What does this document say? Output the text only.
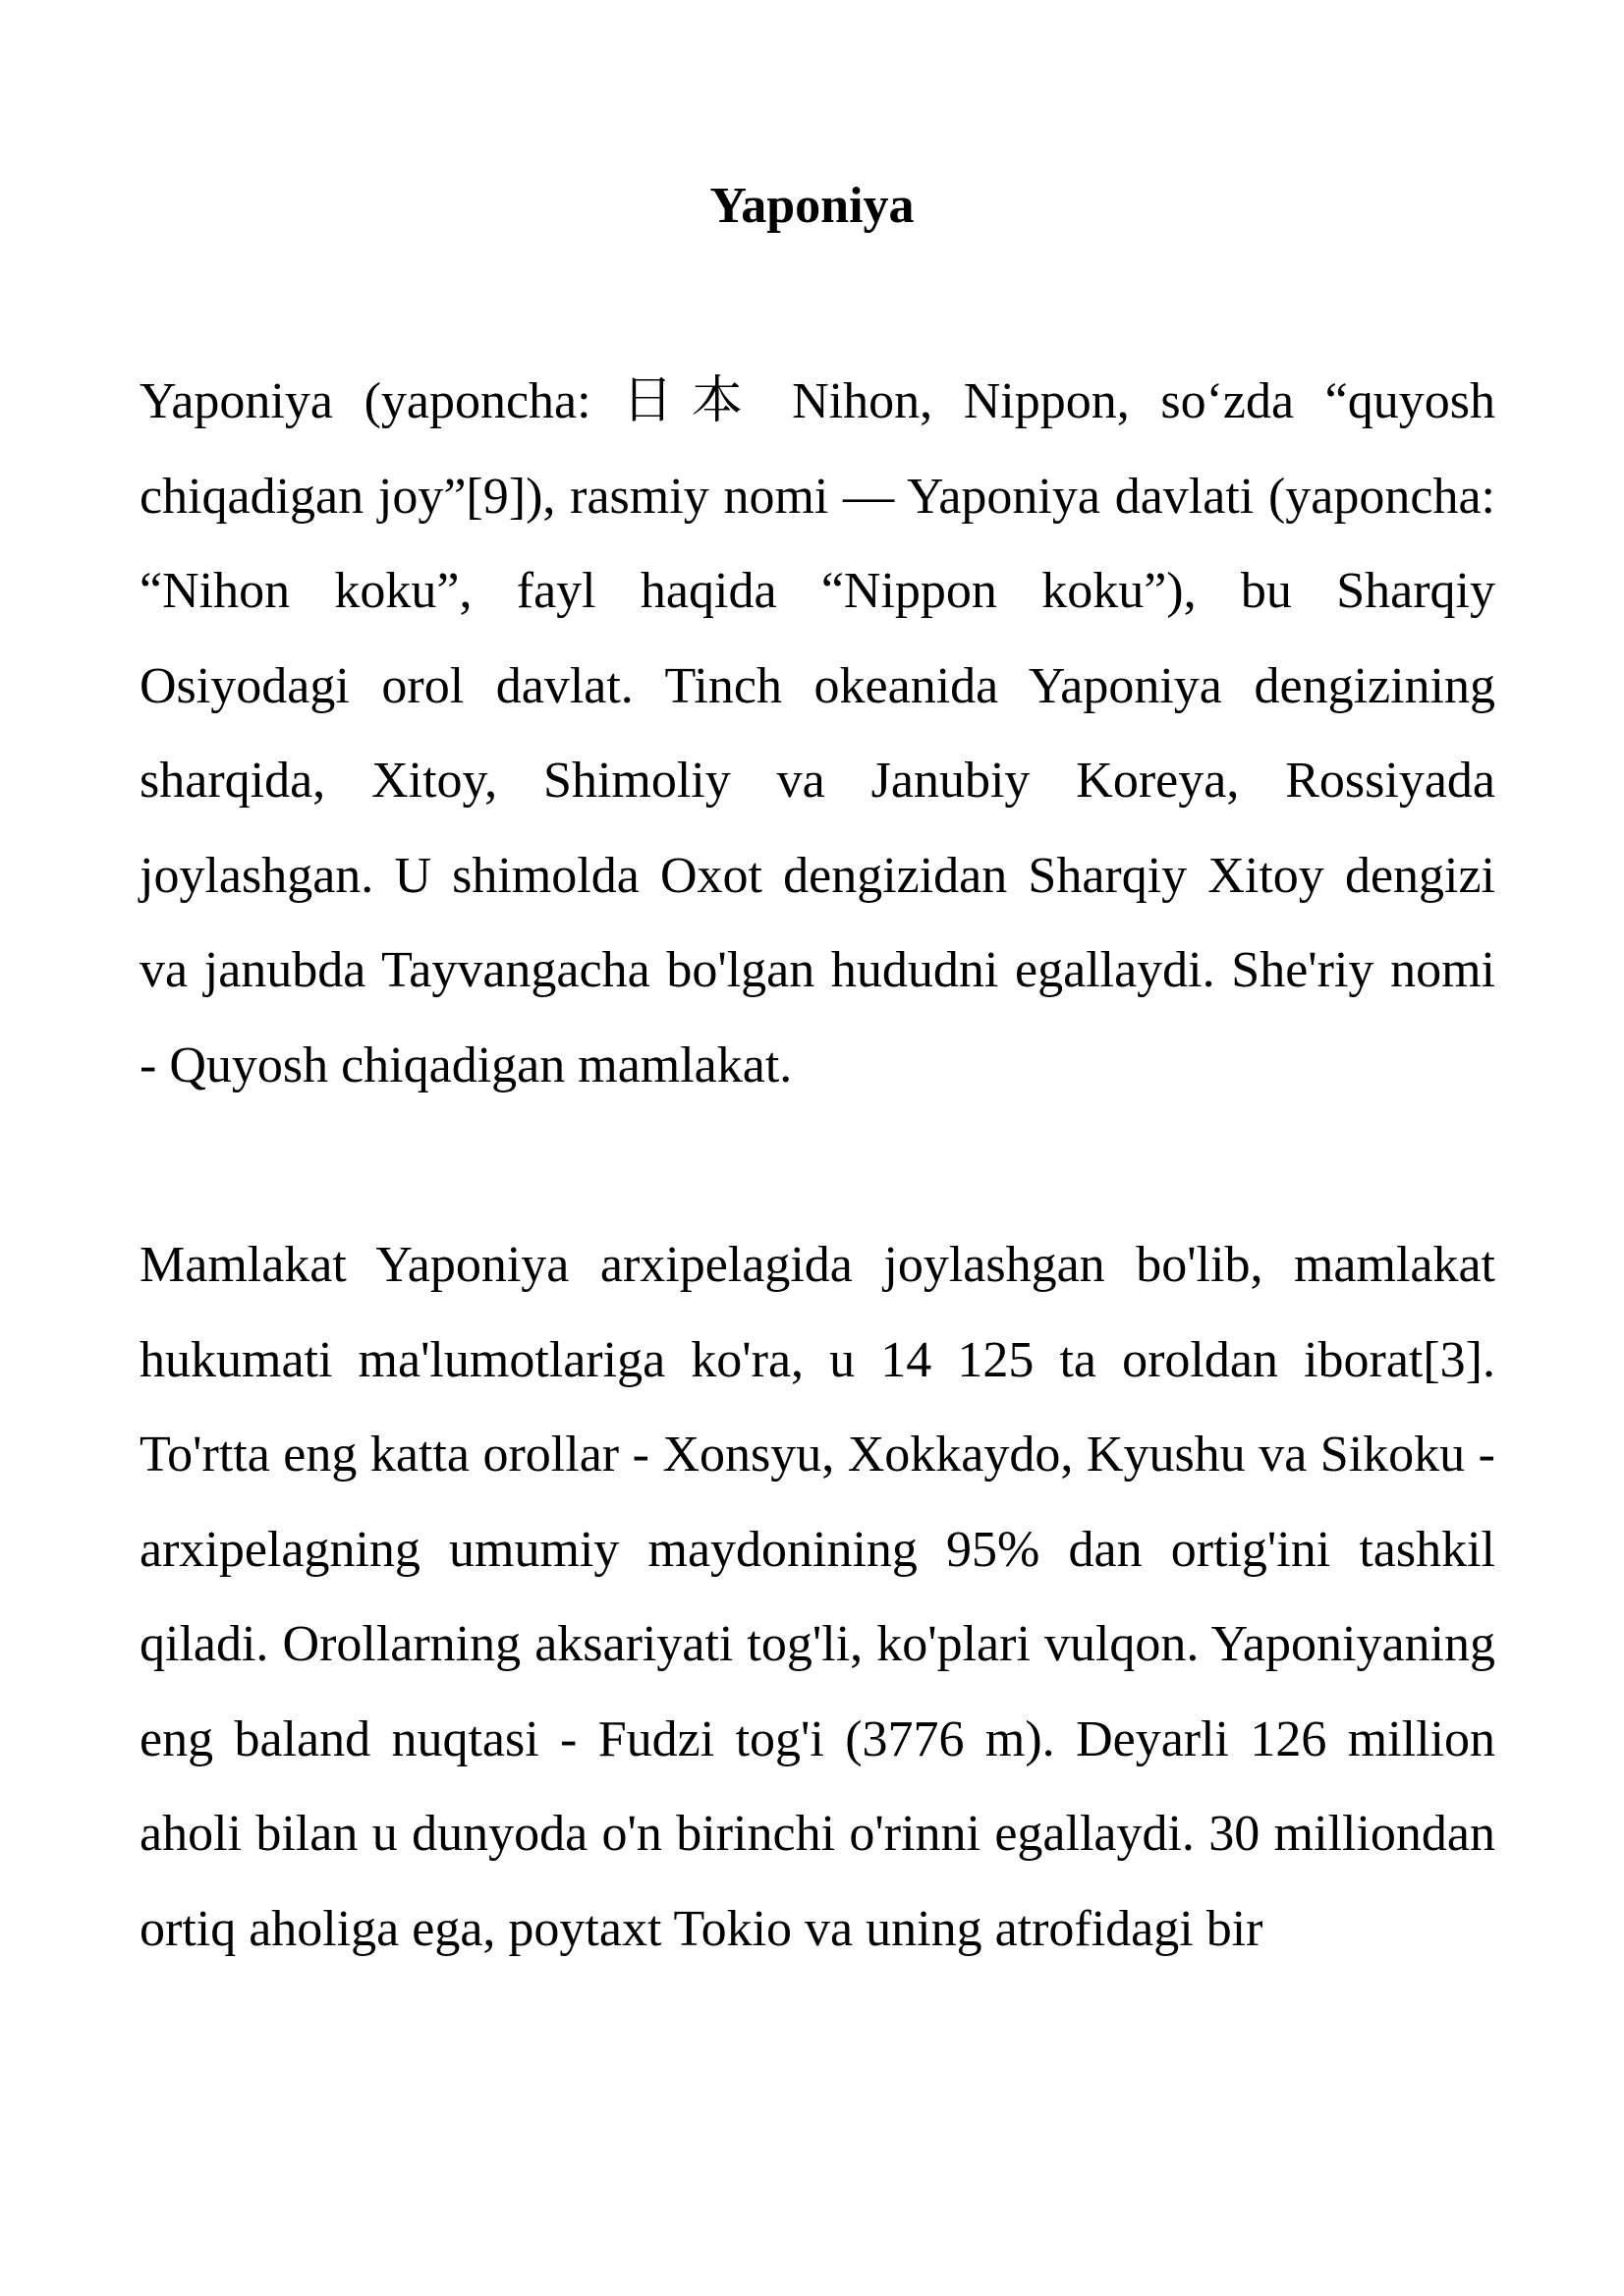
Yaponiya

Yaponiya (yaponcha: 日本 Nihon, Nippon, so‘zda “quyosh chiqadigan joy”[9]), rasmiy nomi — Yaponiya davlati (yaponcha: “Nihon koku”, fayl haqida “Nippon koku”), bu Sharqiy Osiyodagi orol davlat. Tinch okeanida Yaponiya dengizining sharqida, Xitoy, Shimoliy va Janubiy Koreya, Rossiyada joylashgan. U shimolda Oxot dengizidan Sharqiy Xitoy dengizi va janubda Tayvangacha bo'lgan hududni egallaydi. She'riy nomi - Quyosh chiqadigan mamlakat.

Mamlakat Yaponiya arxipelagida joylashgan bo'lib, mamlakat hukumati ma'lumotlariga ko'ra, u 14 125 ta oroldan iborat[3]. To'rtta eng katta orollar - Xonsyu, Xokkaydo, Kyushu va Sikoku - arxipelagning umumiy maydonining 95% dan ortig'ini tashkil qiladi. Orollarning aksariyati tog'li, ko'plari vulqon. Yaponiyaning eng baland nuqtasi - Fudzi tog'i (3776 m). Deyarli 126 million aholi bilan u dunyoda o'n birinchi o'rinni egallaydi. 30 milliondan ortiq aholiga ega, poytaxt Tokio va uning atrofidagi bir
